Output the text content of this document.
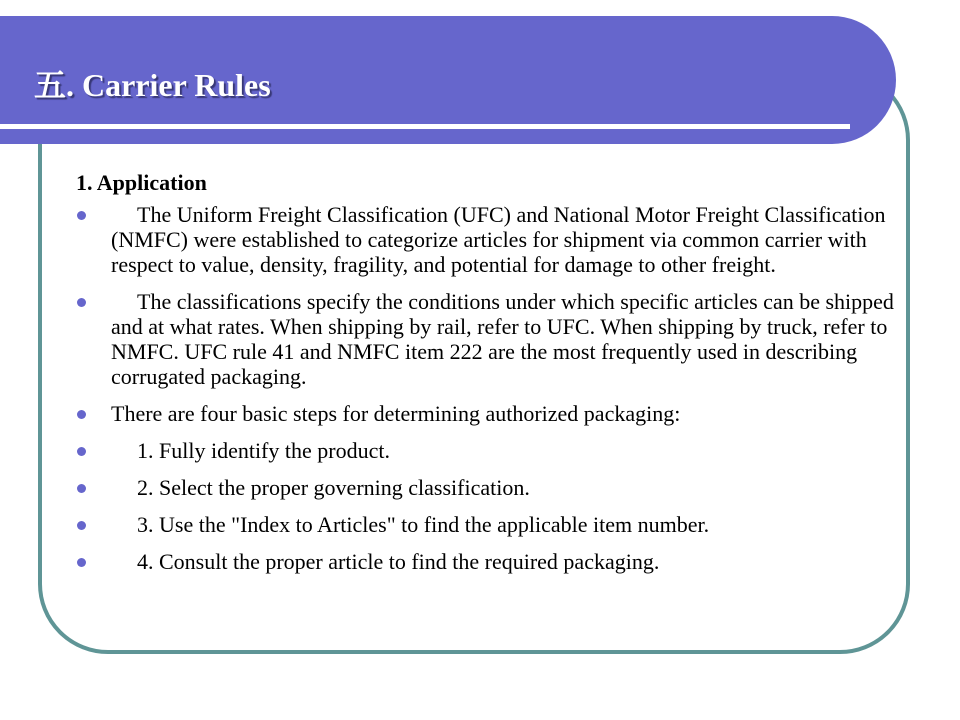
五. Carrier Rules
1. Application
The Uniform Freight Classification (UFC) and National Motor Freight Classification (NMFC) were established to categorize articles for shipment via common carrier with respect to value, density, fragility, and potential for damage to other freight.
The classifications specify the conditions under which specific articles can be shipped and at what rates. When shipping by rail, refer to UFC. When shipping by truck, refer to NMFC. UFC rule 41 and NMFC item 222 are the most frequently used in describing corrugated packaging.
There are four basic steps for determining authorized packaging:
1. Fully identify the product.
2. Select the proper governing classification.
3. Use the "Index to Articles" to find the applicable item number.
4. Consult the proper article to find the required packaging.
